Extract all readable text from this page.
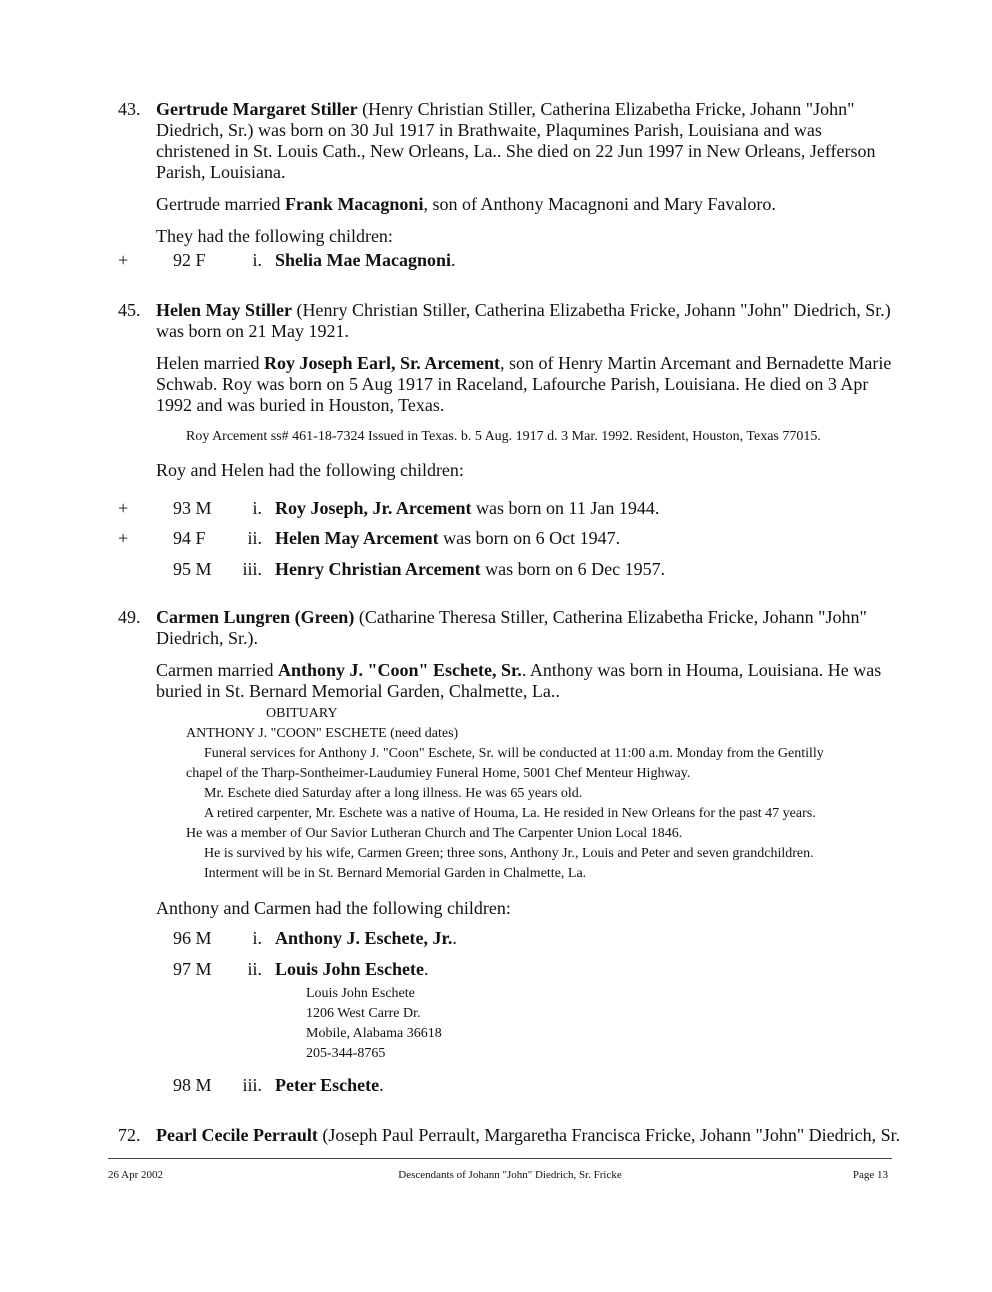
43. Gertrude Margaret Stiller (Henry Christian Stiller, Catherina Elizabetha Fricke, Johann "John" Diedrich, Sr.) was born on 30 Jul 1917 in Brathwaite, Plaqumines Parish, Louisiana and was christened in St. Louis Cath., New Orleans, La.. She died on 22 Jun 1997 in New Orleans, Jefferson Parish, Louisiana.

Gertrude married Frank Macagnoni, son of Anthony Macagnoni and Mary Favaloro.

They had the following children:

+ 92 F	i. Shelia Mae Macagnoni.
45. Helen May Stiller (Henry Christian Stiller, Catherina Elizabetha Fricke, Johann "John" Diedrich, Sr.) was born on 21 May 1921.

Helen married Roy Joseph Earl, Sr. Arcement, son of Henry Martin Arcemant and Bernadette Marie Schwab. Roy was born on 5 Aug 1917 in Raceland, Lafourche Parish, Louisiana. He died on 3 Apr 1992 and was buried in Houston, Texas.

Roy Arcement ss# 461-18-7324 Issued in Texas. b. 5 Aug. 1917 d. 3 Mar. 1992. Resident, Houston, Texas 77015.

Roy and Helen had the following children:

+ 93 M	i. Roy Joseph, Jr. Arcement was born on 11 Jan 1944.
+ 94 F	ii. Helen May Arcement was born on 6 Oct 1947.
95 M	iii. Henry Christian Arcement was born on 6 Dec 1957.
49. Carmen Lungren (Green) (Catharine Theresa Stiller, Catherina Elizabetha Fricke, Johann "John" Diedrich, Sr.).

Carmen married Anthony J. "Coon" Eschete, Sr.. Anthony was born in Houma, Louisiana. He was buried in St. Bernard Memorial Garden, Chalmette, La..

OBITUARY
ANTHONY J. "COON" ESCHETE (need dates)
Funeral services for Anthony J. "Coon" Eschete, Sr. will be conducted at 11:00 a.m. Monday from the Gentilly
chapel of the Tharp-Sontheimer-Laudumiey Funeral Home, 5001 Chef Menteur Highway.
Mr. Eschete died Saturday after a long illness. He was 65 years old.
A retired carpenter, Mr. Eschete was a native of Houma, La. He resided in New Orleans for the past 47 years.
He was a member of Our Savior Lutheran Church and The Carpenter Union Local 1846.
He is survived by his wife, Carmen Green; three sons, Anthony Jr., Louis and Peter and seven grandchildren.
Interment will be in St. Bernard Memorial Garden in Chalmette, La.
Anthony and Carmen had the following children:
96 M	i. Anthony J. Eschete, Jr..
97 M	ii. Louis John Eschete.
Louis John Eschete
1206 West Carre Dr.
Mobile, Alabama 36618
205-344-8765
98 M	iii. Peter Eschete.
72. Pearl Cecile Perrault (Joseph Paul Perrault, Margaretha Francisca Fricke, Johann "John" Diedrich, Sr.
26 Apr 2002	Descendants of Johann "John" Diedrich, Sr. Fricke	Page 13
